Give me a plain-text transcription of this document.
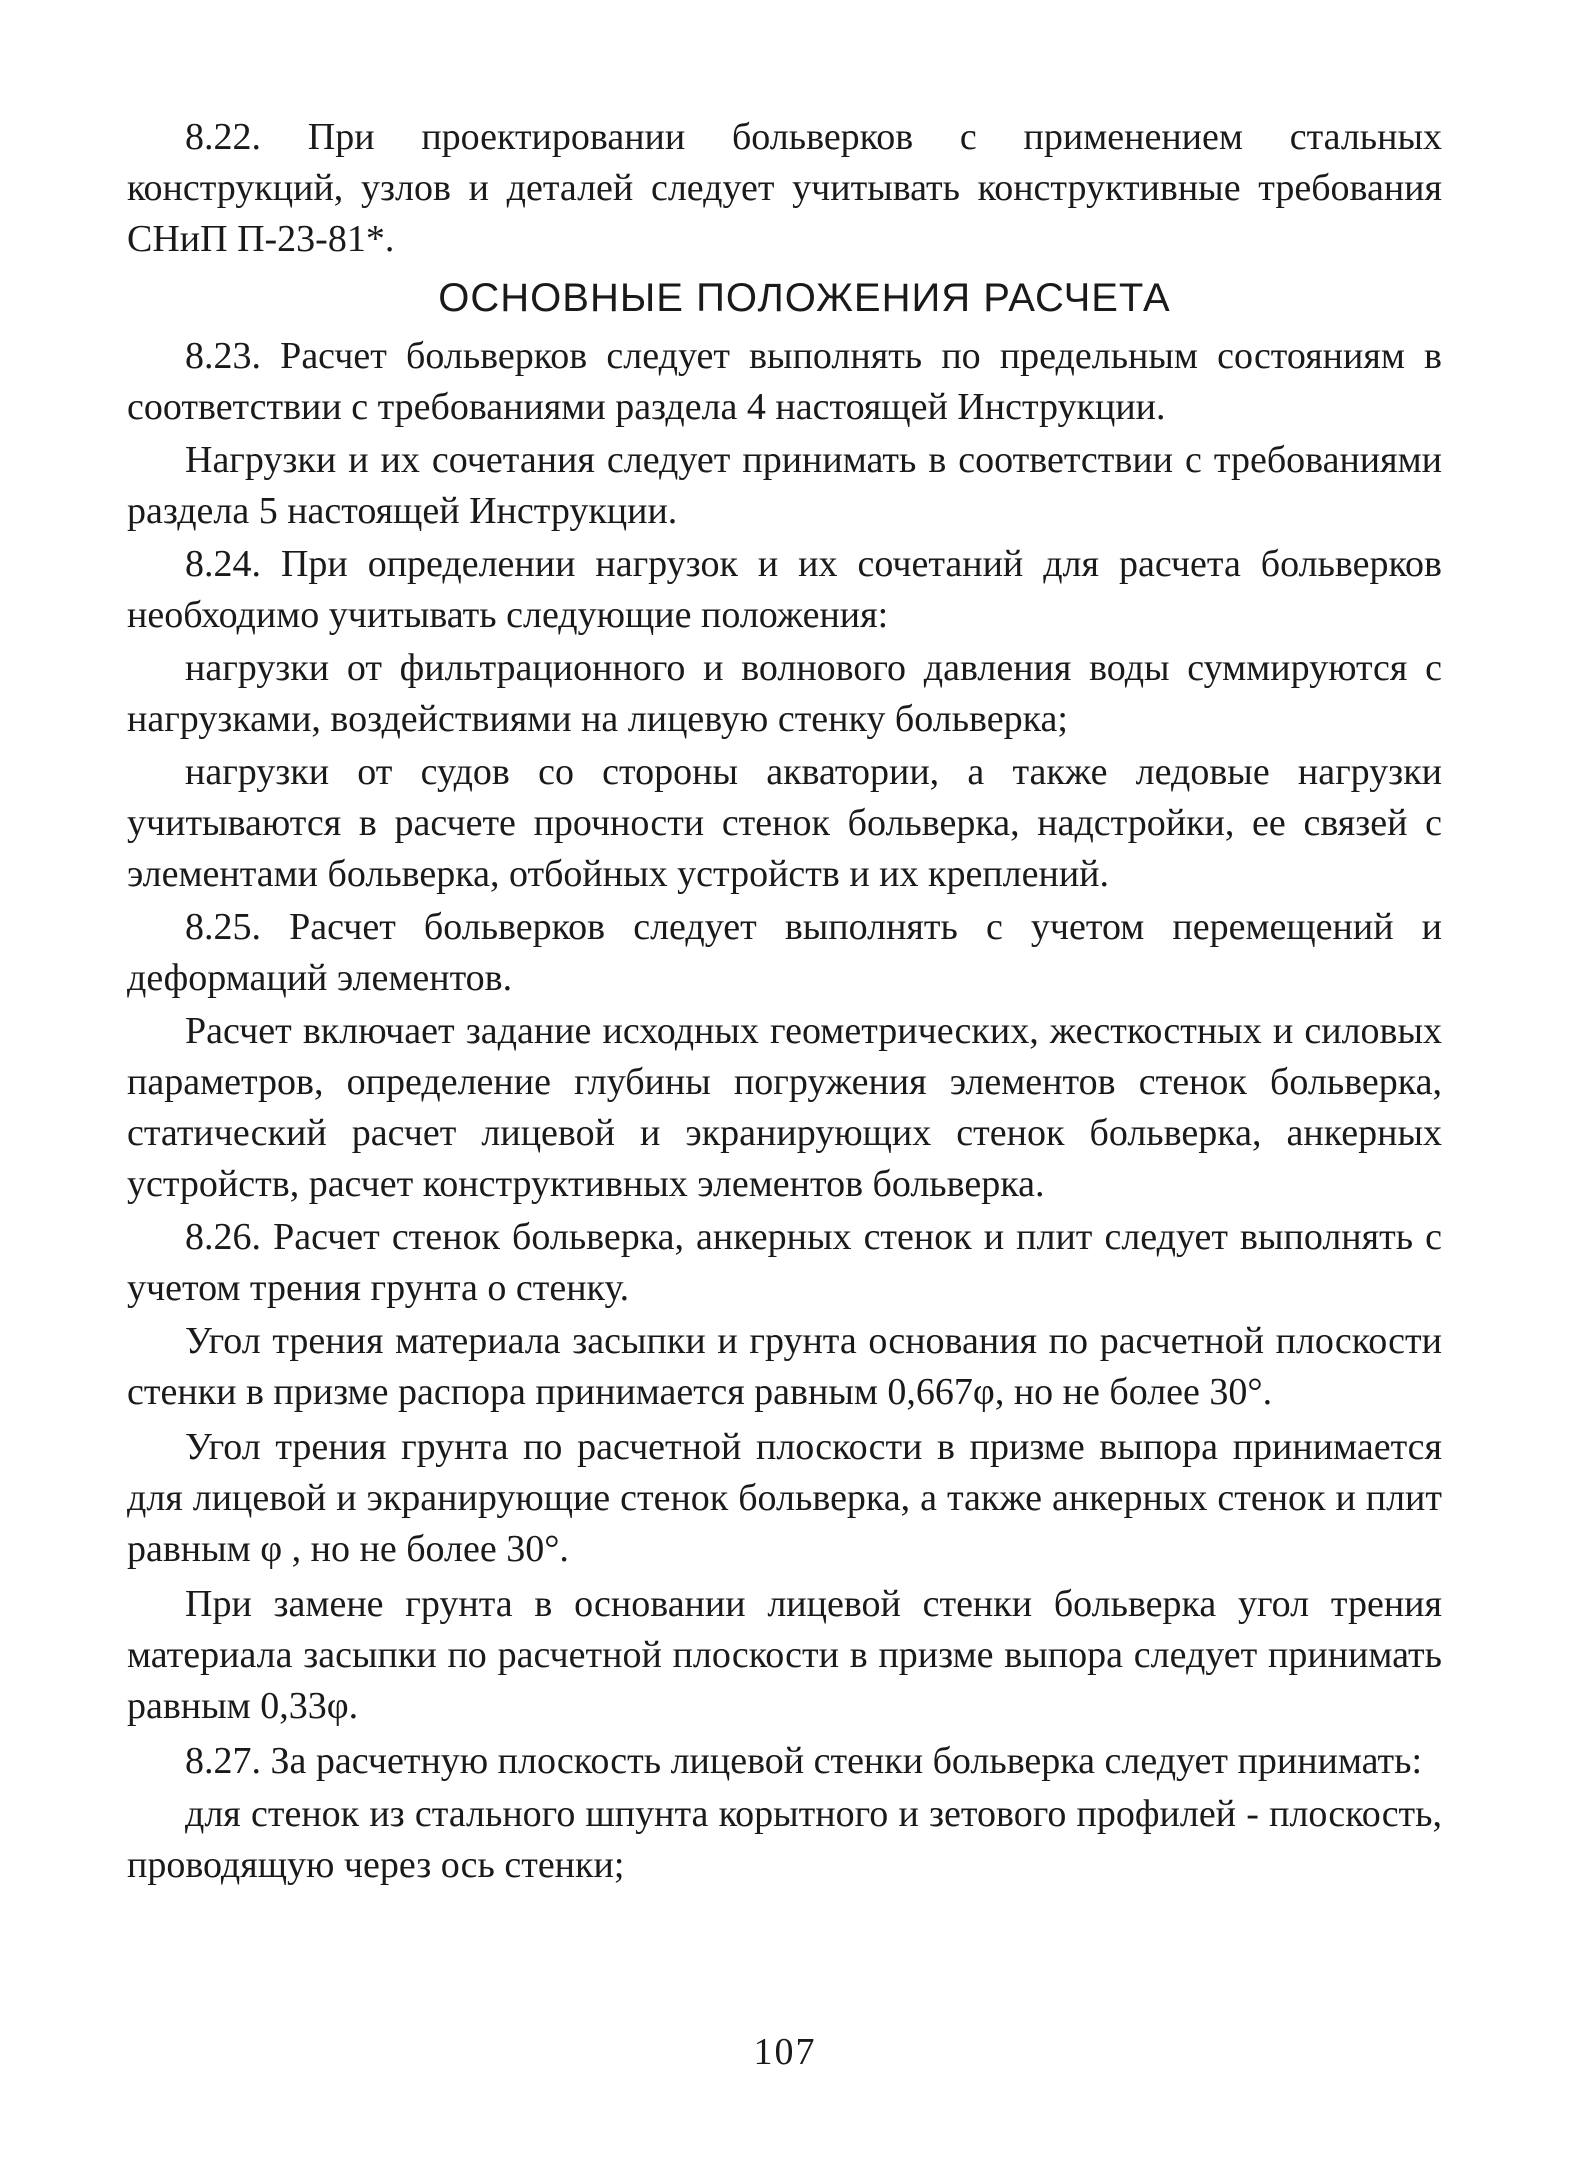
8.22. При проектировании больверков с применением стальных конструкций, узлов и деталей следует учитывать конструктивные требования СНиП П-23-81*.

ОСНОВНЫЕ ПОЛОЖЕНИЯ РАСЧЕТА

8.23. Расчет больверков следует выполнять по предельным состояниям в соответствии с требованиями раздела 4 настоящей Инструкции.

Нагрузки и их сочетания следует принимать в соответствии с требованиями раздела 5 настоящей Инструкции.

8.24. При определении нагрузок и их сочетаний для расчета больверков необходимо учитывать следующие положения:

нагрузки от фильтрационного и волнового давления воды суммируются с нагрузками, воздействиями на лицевую стенку больверка;

нагрузки от судов со стороны акватории, а также ледовые нагрузки учитываются в расчете прочности стенок больверка, надстройки, ее связей с элементами больверка, отбойных устройств и их креплений.

8.25. Расчет больверков следует выполнять с учетом перемещений и деформаций элементов.

Расчет включает задание исходных геометрических, жесткостных и силовых параметров, определение глубины погружения элементов стенок больверка, статический расчет лицевой и экранирующих стенок больверка, анкерных устройств, расчет конструктивных элементов больверка.

8.26. Расчет стенок больверка, анкерных стенок и плит следует выполнять с учетом трения грунта о стенку.

Угол трения материала засыпки и грунта основания по расчетной плоскости стенки в призме распора принимается равным 0,667φ, но не более 30°.

Угол трения грунта по расчетной плоскости в призме выпора принимается для лицевой и экранирующие стенок больверка, а также анкерных стенок и плит равным φ , но не более 30°.

При замене грунта в основании лицевой стенки больверка угол трения материала засыпки по расчетной плоскости в призме выпора следует принимать равным 0,33φ.

8.27. За расчетную плоскость лицевой стенки больверка следует принимать:

для стенок из стального шпунта корытного и зетового профилей - плоскость, проводящую через ось стенки;

107
